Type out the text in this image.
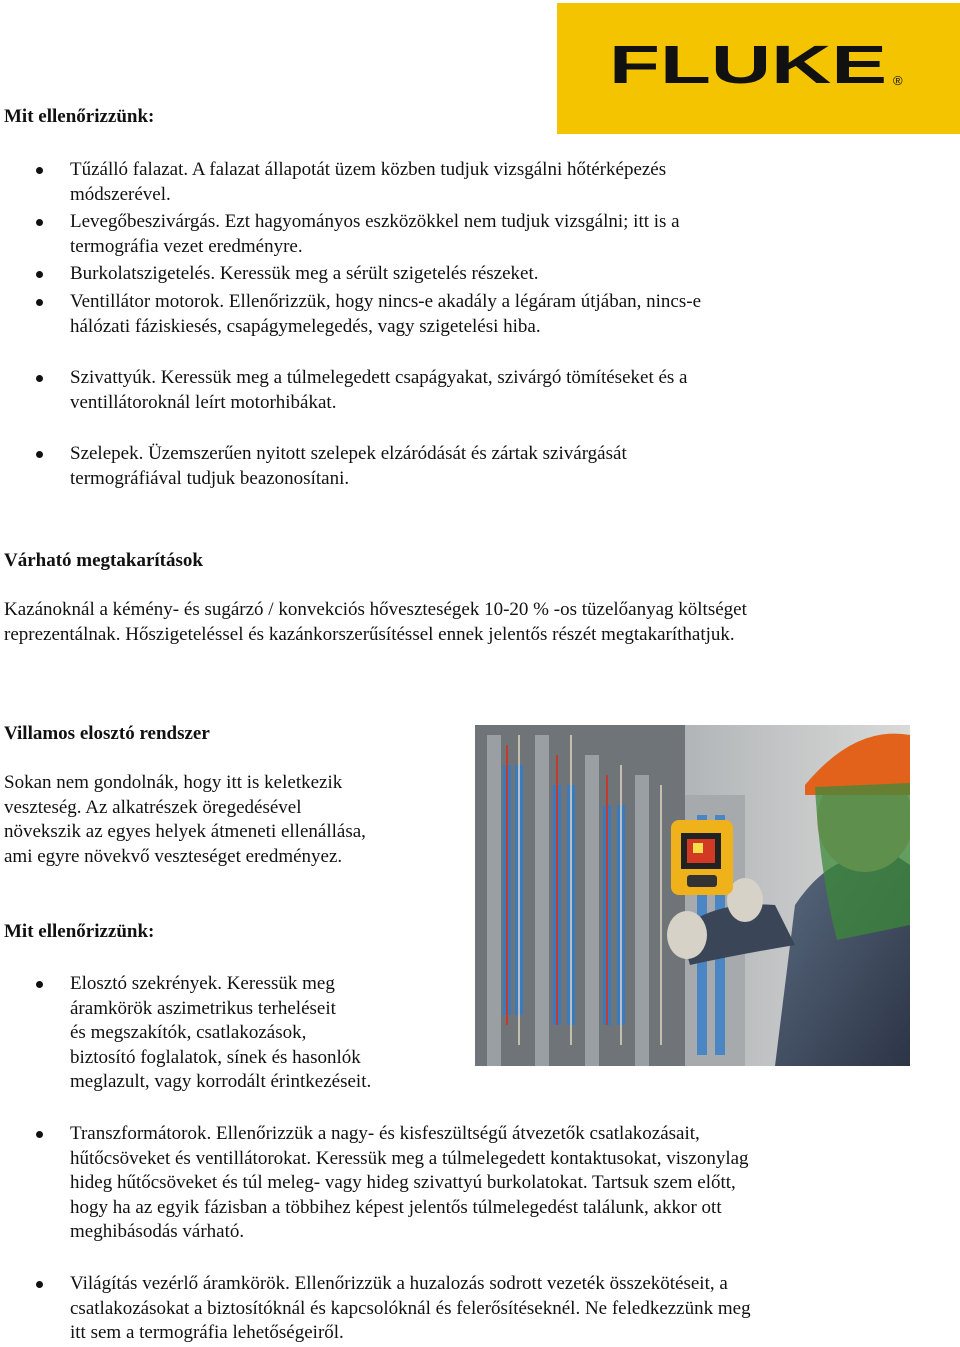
FLUKE ®
Mit ellenőrizzünk:
Tűzálló falazat. A falazat állapotát üzem közben tudjuk vizsgálni hőtérképezés
módszerével.
Levegőbeszivárgás. Ezt hagyományos eszközökkel nem tudjuk vizsgálni; itt is a
termográfia vezet eredményre.
Burkolatszigetelés. Keressük meg a sérült szigetelés részeket.
Ventillátor motorok. Ellenőrizzük, hogy nincs-e akadály a légáram útjában, nincs-e
hálózati fáziskiesés, csapágymelegedés, vagy szigetelési hiba.
Szivattyúk. Keressük meg a túlmelegedett csapágyakat, szivárgó tömítéseket és a
ventillátoroknál leírt motorhibákat.
Szelepek. Üzemszerűen nyitott szelepek elzáródását és zártak szivárgását
termográfiával tudjuk beazonosítani.
Várható megtakarítások
Kazánoknál a kémény- és sugárzó / konvekciós hőveszteségek 10-20 % -os tüzelőanyag költséget
reprezentálnak. Hőszigeteléssel és kazánkorszerűsítéssel ennek jelentős részét megtakaríthatjuk.
Villamos elosztó rendszer
Sokan nem gondolnák, hogy itt is keletkezik
veszteség. Az alkatrészek öregedésével
növekszik az egyes helyek átmeneti ellenállása,
ami egyre növekvő veszteséget eredményez.
Mit ellenőrizzünk:
Elosztó szekrények. Keressük meg
áramkörök aszimetrikus terheléseit
és megszakítók, csatlakozások,
biztosító foglalatok, sínek és hasonlók
meglazult, vagy korrodált érintkezéseit.
Transzformátorok. Ellenőrizzük a nagy- és kisfeszültségű átvezetők csatlakozásait,
hűtőcsöveket és ventillátorokat. Keressük meg a túlmelegedett kontaktusokat, viszonylag
hideg hűtőcsöveket és túl meleg- vagy hideg szivattyú burkolatokat. Tartsuk szem előtt,
hogy ha az egyik fázisban a többihez képest jelentős túlmelegedést találunk, akkor ott
meghibásodás várható.
Világítás vezérlő áramkörök. Ellenőrizzük a huzalozás sodrott vezeték összekötéseit, a
csatlakozásokat a biztosítóknál és kapcsolóknál és felerősítéseknél. Ne feledkezzünk meg
itt sem a termográfia lehetőségeiről.
